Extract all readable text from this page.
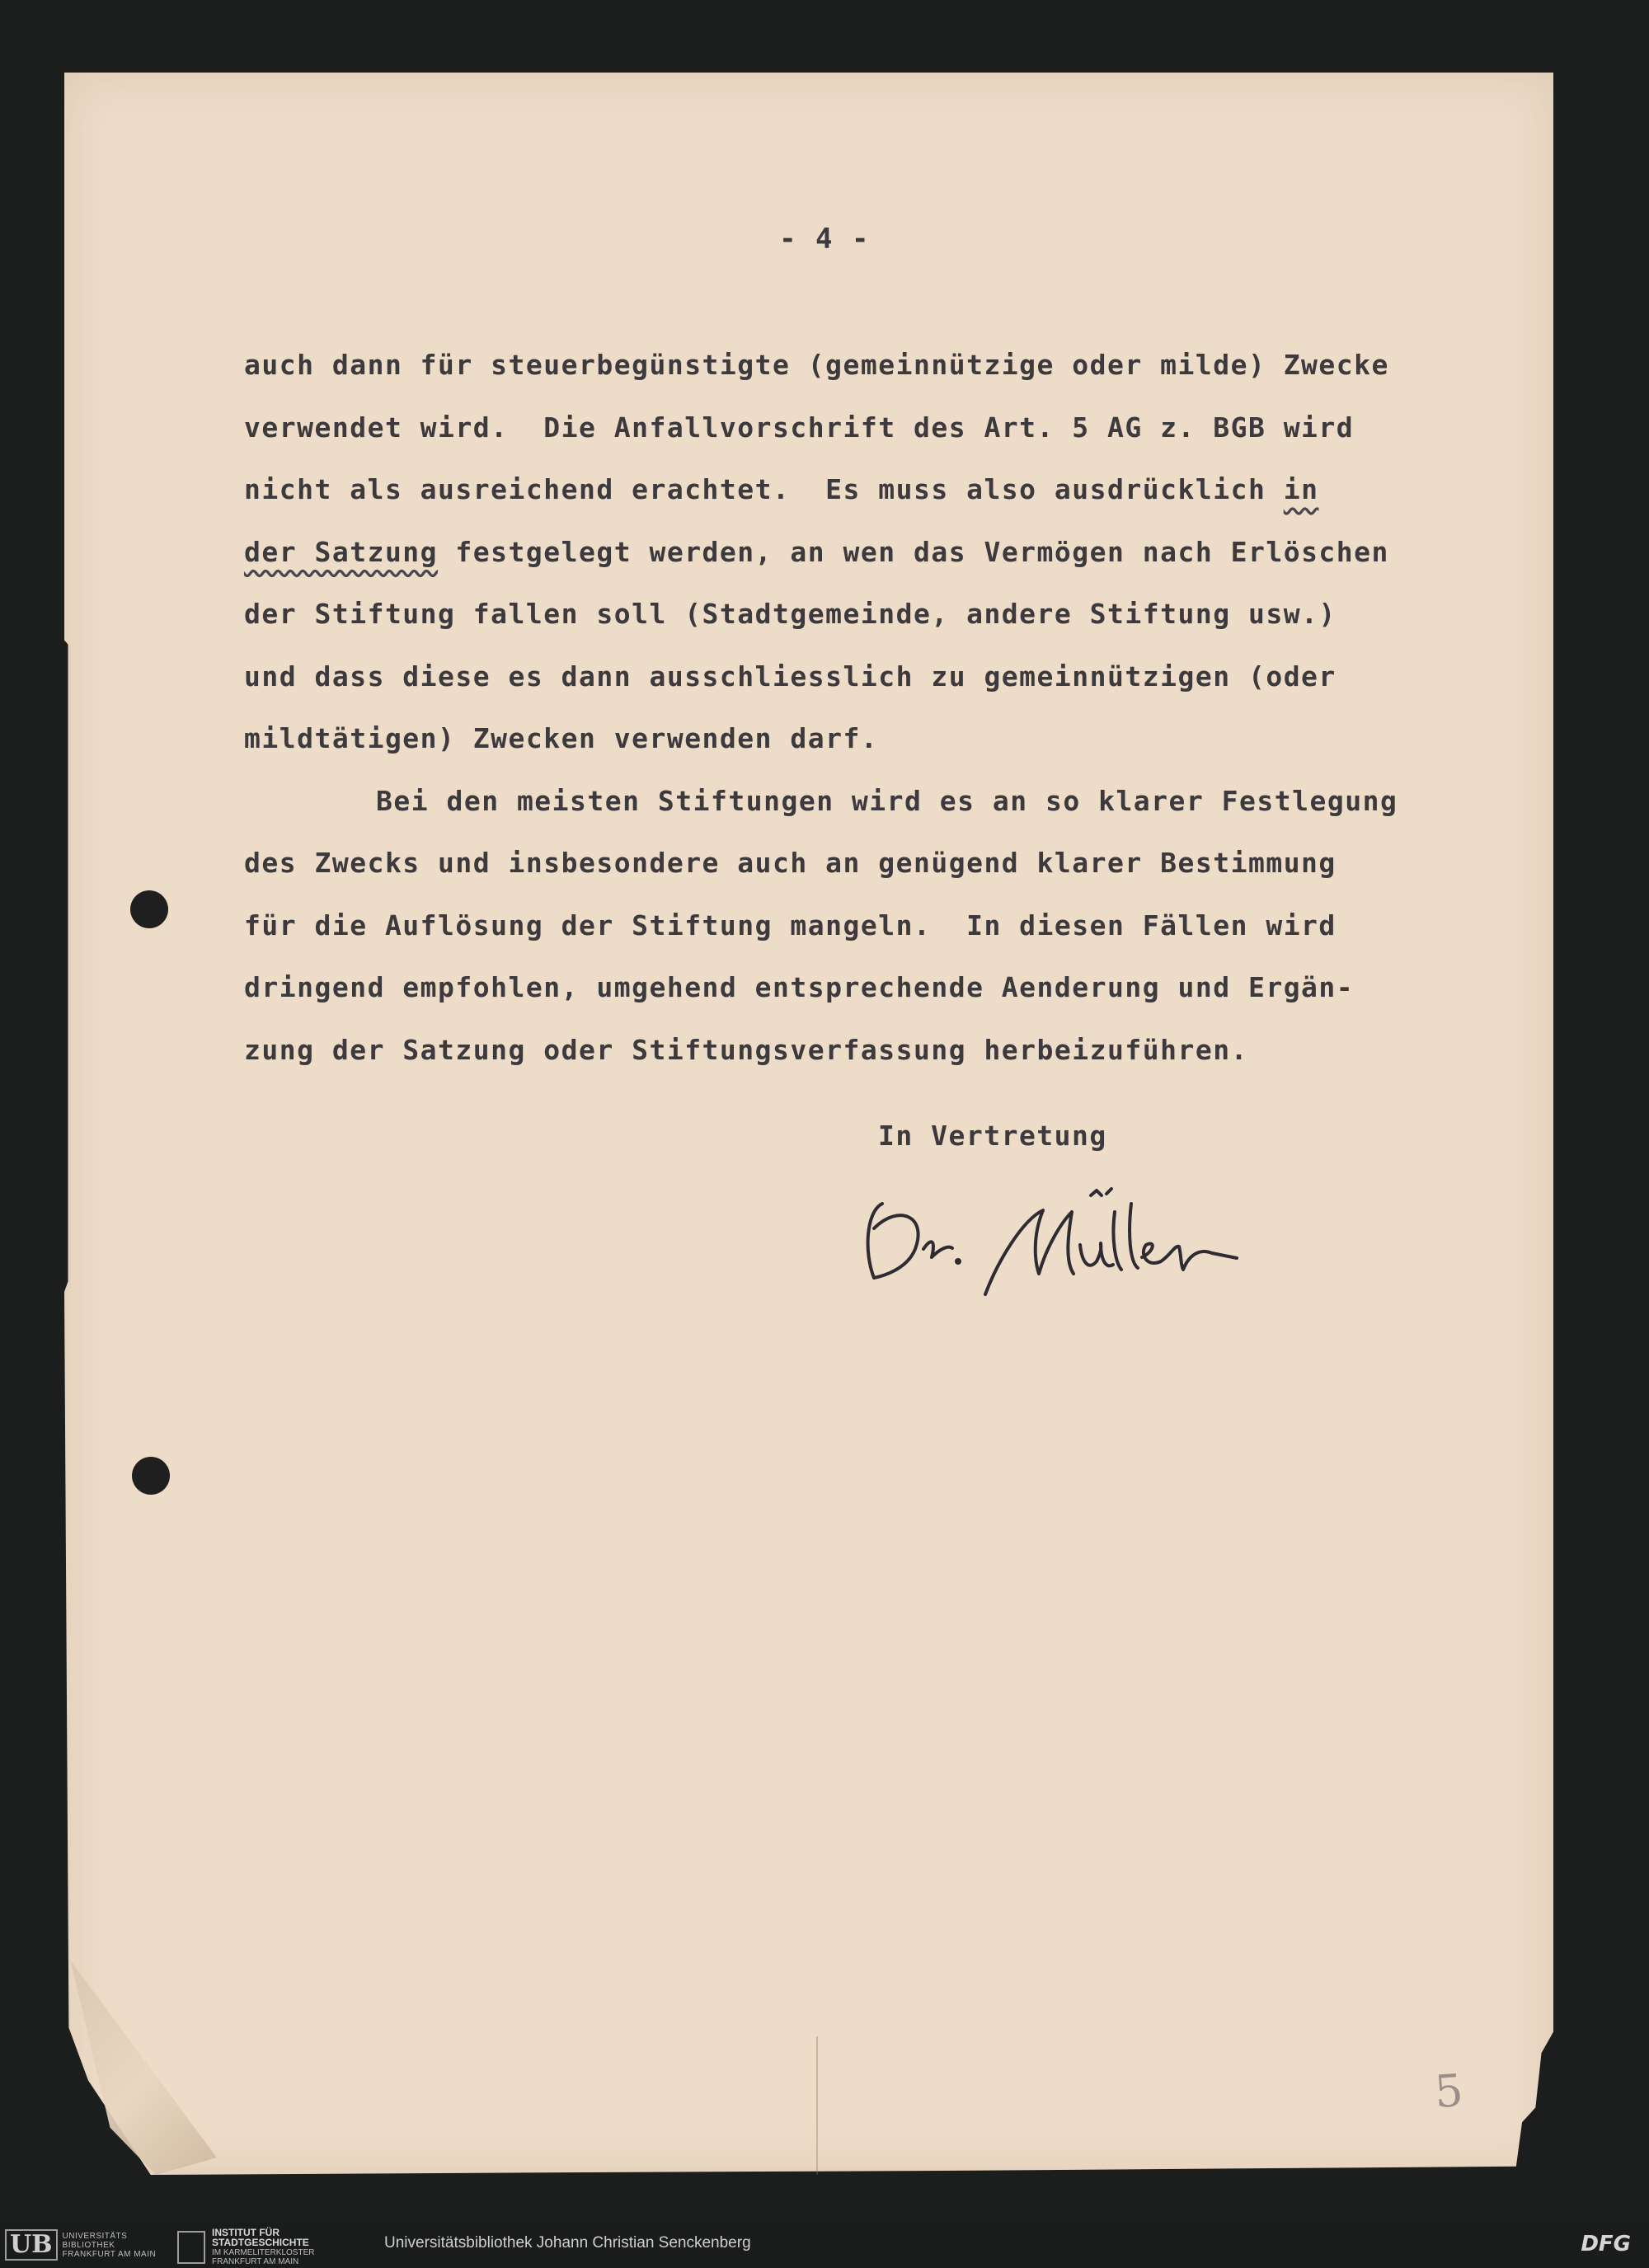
- 4 -
auch dann für steuerbegünstigte (gemeinnützige oder milde) Zwecke
verwendet wird.  Die Anfallvorschrift des Art. 5 AG z. BGB wird
nicht als ausreichend erachtet.  Es muss also ausdrücklich in
der Satzung festgelegt werden, an wen das Vermögen nach Erlöschen
der Stiftung fallen soll (Stadtgemeinde, andere Stiftung usw.)
und dass diese es dann ausschliesslich zu gemeinnützigen (oder
mildtätigen) Zwecken verwenden darf.
Bei den meisten Stiftungen wird es an so klarer Festlegung
des Zwecks und insbesondere auch an genügend klarer Bestimmung
für die Auflösung der Stiftung mangeln.  In diesen Fällen wird
dringend empfohlen, umgehend entsprechende Aenderung und Ergän-
zung der Satzung oder Stiftungsverfassung herbeizuführen.
In Vertretung
5
UB	UNIVERSITÄTS
BIBLIOTHEK
FRANKFURT AM MAIN
INSTITUT FÜR
STADTGESCHICHTE
IM KARMELITERKLOSTER
FRANKFURT AM MAIN
Universitätsbibliothek Johann Christian Senckenberg	DFG
